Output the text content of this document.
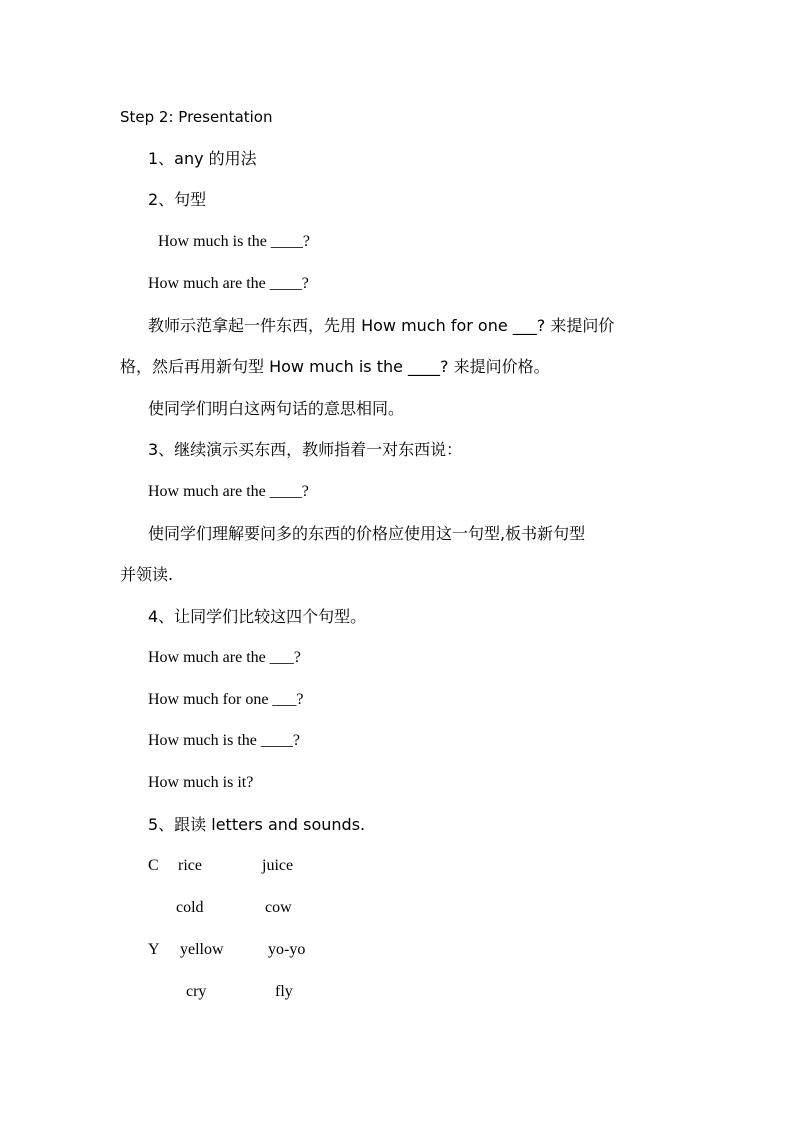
Step 2: Presentation
1、any 的用法
2、句型
How much is the ____?
How much are the ____?
教师示范拿起一件东西，先用 How much for one ___? 来提问价
格，然后再用新句型 How much is the ____? 来提问价格。
使同学们明白这两句话的意思相同。
3、继续演示买东西，教师指着一对东西说：
How much are the ____?
使同学们理解要问多的东西的价格应使用这一句型,板书新句型
并领读.
4、让同学们比较这四个句型。
How much are the ___?
How much for one ___?
How much is the ____?
How much is it?
5、跟读 letters and sounds.
C rice	juice
cold	cow
Y yellow	yo-yo
cry	fly
